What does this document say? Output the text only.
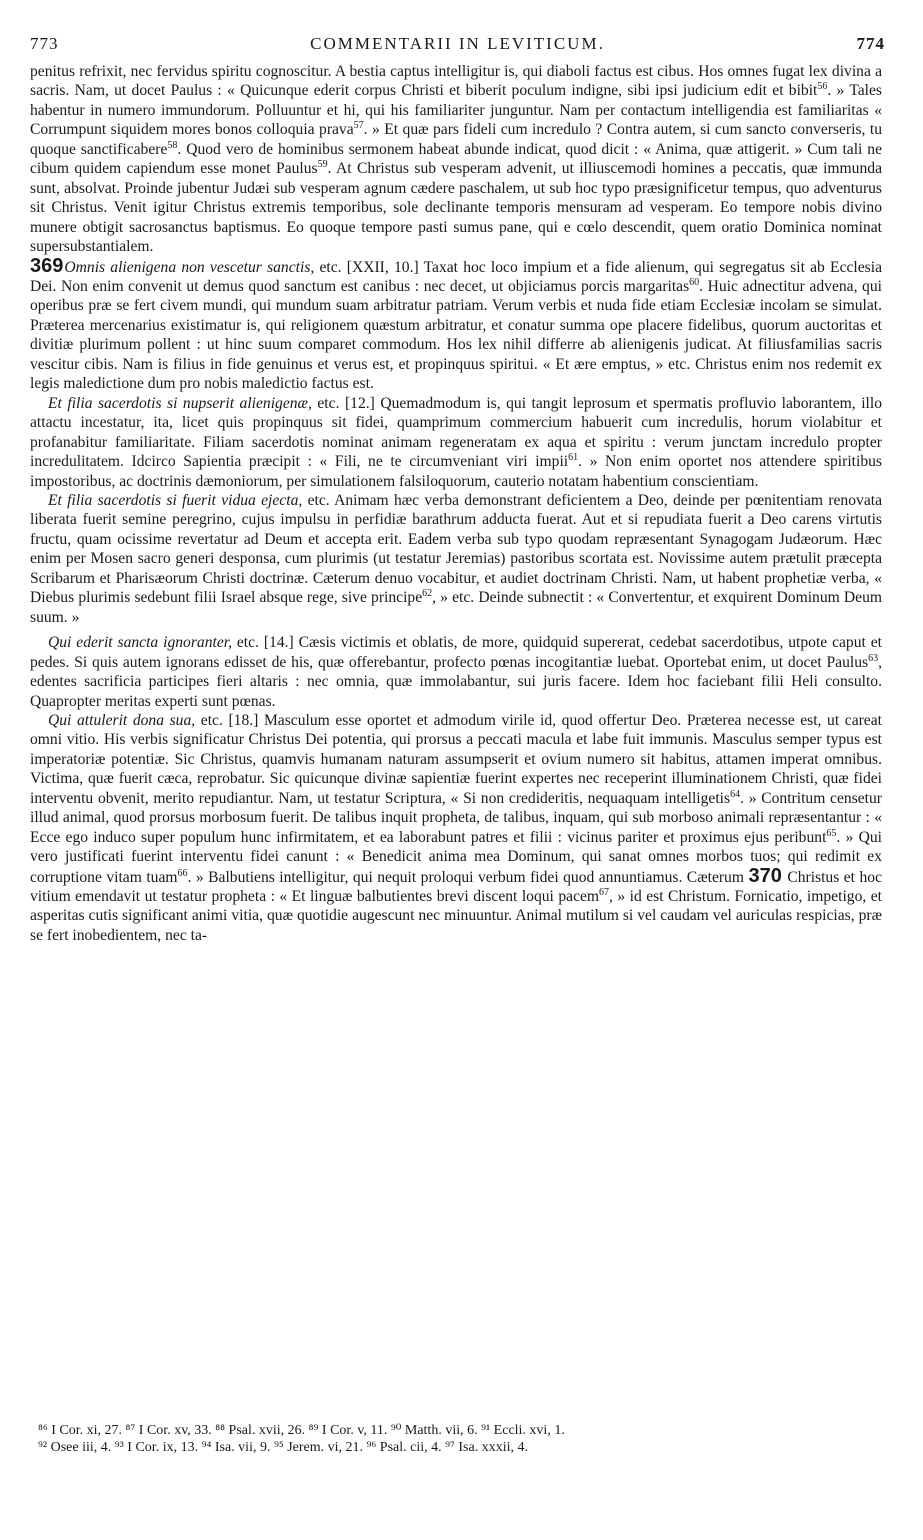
773	COMMENTARII IN LEVITICUM.	774

penitus refrixit, nec fervidus spiritu cognoscitur. A bestia captus intelligitur is, qui diaboli factus est cibus. Hos omnes fugat lex divina a sacris. Nam, ut docet Paulus : « Quicunque ederit corpus Christi et biberit poculum indigne, sibi ipsi judicium edit et bibit$^{56}$. » Tales habentur in numero immundorum. Polluuntur et hi, qui his familiariter junguntur. Nam per contactum intelligendia est familiaritas « Corrumpunt siquidem mores bonos colloquia prava$^{57}$. » Et quæ pars fideli cum incredulo ? Contra autem, si cum sancto converseris, tu quoque sanctificabere$^{58}$. Quod vero de hominibus sermonem habeat abunde indicat, quod dicit : « Anima, quæ attigerit. » Cum tali ne cibum quidem capiendum esse monet Paulus$^{59}$. At Christus sub vesperam advenit, ut illiuscemodi homines a peccatis, quæ immunda sunt, absolvat. Proinde jubentur Judæi sub vesperam agnum cædere paschalem, ut sub hoc typo præsignificetur tempus, quo adventurus sit Christus. Venit igitur Christus extremis temporibus, sole declinante temporis mensuram ad vesperam. Eo tempore nobis divino munere obtigit sacrosanctus baptismus. Eo quoque tempore pasti sumus pane, qui e cœlo descendit, quem oratio Dominica nominat supersubstantialem.

369Omnis alienigena non vescetur sanctis, etc. [XXII, 10.] Taxat hoc loco impium et a fide alienum, qui segregatus sit ab Ecclesia Dei. Non enim convenit ut demus quod sanctum est canibus : nec decet, ut objiciamus porcis margaritas$^{60}$. Huic adnectitur advena, qui operibus præ se fert civem mundi, qui mundum suam arbitratur patriam. Verum verbis et nuda fide etiam Ecclesiæ incolam se simulat. Præterea mercenarius existimatur is, qui religionem quæstum arbitratur, et conatur summa ope placere fidelibus, quorum auctoritas et divitiæ plurimum pollent : ut hinc suum comparet commodum. Hos lex nihil differre ab alienigenis judicat. At filiusfamilias sacris vescitur cibis. Nam is filius in fide genuinus et verus est, et propinquus spiritui. « Et ære emptus, » etc. Christus enim nos redemit ex legis maledictione dum pro nobis maledictio factus est.

Et filia sacerdotis si nupserit alienigenæ, etc. [12.] Quemadmodum is, qui tangit leprosum et spermatis profluvio laborantem, illo attactu incestatur, ita, licet quis propinquus sit fidei, quamprimum commercium habuerit cum incredulis, horum violabitur et profanabitur familiaritate. Filiam sacerdotis nominat animam regeneratam ex aqua et spiritu : verum junctam incredulo propter incredulitatem. Idcirco Sapientia præcipit : « Fili, ne te circumveniant viri impii$^{61}$. » Non enim oportet nos attendere spiritibus impostoribus, ac doctrinis dæmoniorum, per simulationem falsiloquorum, cauterio notatam habentium conscientiam.

Et filia sacerdotis si fuerit vidua ejecta, etc. Animam hæc verba demonstrant deficientem a Deo, deinde per pœnitentiam renovata liberata fuerit semine peregrino, cujus impulsu in perfidiæ barathrum adducta fuerat. Aut et si repudiata fuerit a Deo carens virtutis fructu, quam ocissime revertatur ad Deum et accepta erit. Eadem verba sub typo quodam repræsentant Synagogam Judæorum. Hæc enim per Mosen sacro generi desponsa, cum plurimis (ut testatur Jeremias) pastoribus scortata est. Novissime autem prætulit præcepta Scribarum et Pharisæorum Christi doctrinæ. Cæterum denuo vocabitur, et audiet doctrinam Christi. Nam, ut habent prophetiæ verba, « Diebus plurimis sedebunt filii Israel absque rege, sive principe$^{62}$, » etc. Deinde subnectit : « Convertentur, et exquirent Dominum Deum suum. »

Qui ederit sancta ignoranter, etc. [14.] Cæsis victimis et oblatis, de more, quidquid supererat, cedebat sacerdotibus, utpote caput et pedes. Si quis autem ignorans edisset de his, quæ offerebantur, profecto pœnas incogitantiæ luebat. Oportebat enim, ut docet Paulus$^{63}$, edentes sacrificia participes fieri altaris : nec omnia, quæ immolabantur, sui juris facere. Idem hoc faciebant filii Heli consulto. Quapropter meritas experti sunt pœnas.

Qui attulerit dona sua, etc. [18.] Masculum esse oportet et admodum virile id, quod offertur Deo. Præterea necesse est, ut careat omni vitio. His verbis significatur Christus Dei potentia, qui prorsus a peccati macula et labe fuit immunis. Masculus semper typus est imperatoriæ potentiæ. Sic Christus, quamvis humanam naturam assumpserit et ovium numero sit habitus, attamen imperat omnibus. Victima, quæ fuerit cæca, reprobatur. Sic quicunque divinæ sapientiæ fuerint expertes nec receperint illuminationem Christi, quæ fidei interventu obvenit, merito repudiantur. Nam, ut testatur Scriptura, « Si non credideritis, nequaquam intelligetis$^{64}$. » Contritum censetur illud animal, quod prorsus morbosum fuerit. De talibus inquit propheta, de talibus, inquam, qui sub morboso animali repræsentantur : « Ecce ego induco super populum hunc infirmitatem, et ea laborabunt patres et filii : vicinus pariter et proximus ejus peribunt$^{65}$. » Qui vero justificati fuerint interventu fidei canunt : « Benedicit anima mea Dominum, qui sanat omnes morbos tuos; qui redimit ex corruptione vitam tuam$^{66}$. » Balbutiens intelligitur, qui nequit proloqui verbum fidei quod annuntiamus. Cæterum 370 Christus et hoc vitium emendavit ut testatur propheta : « Et linguæ balbutientes brevi discent loqui pacem$^{67}$, » id est Christum. Fornicatio, impetigo, et asperitas cutis significant animi vitia, quæ quotidie augescunt nec minuuntur. Animal mutilum si vel caudam vel auriculas respicias, præ se fert inobedientem, nec ta-

⁸⁶ I Cor. xi, 27. ⁸⁷ I Cor. xv, 33. ⁸⁸ Psal. xvii, 26. ⁸⁹ I Cor. v, 11. ⁹⁰ Matth. vii, 6. ⁹¹ Eccli. xvi, 1.

⁹² Osee iii, 4. ⁹³ I Cor. ix, 13. ⁹⁴ Isa. vii, 9. ⁹⁵ Jerem. vi, 21. ⁹⁶ Psal. cii, 4. ⁹⁷ Isa. xxxii, 4.
